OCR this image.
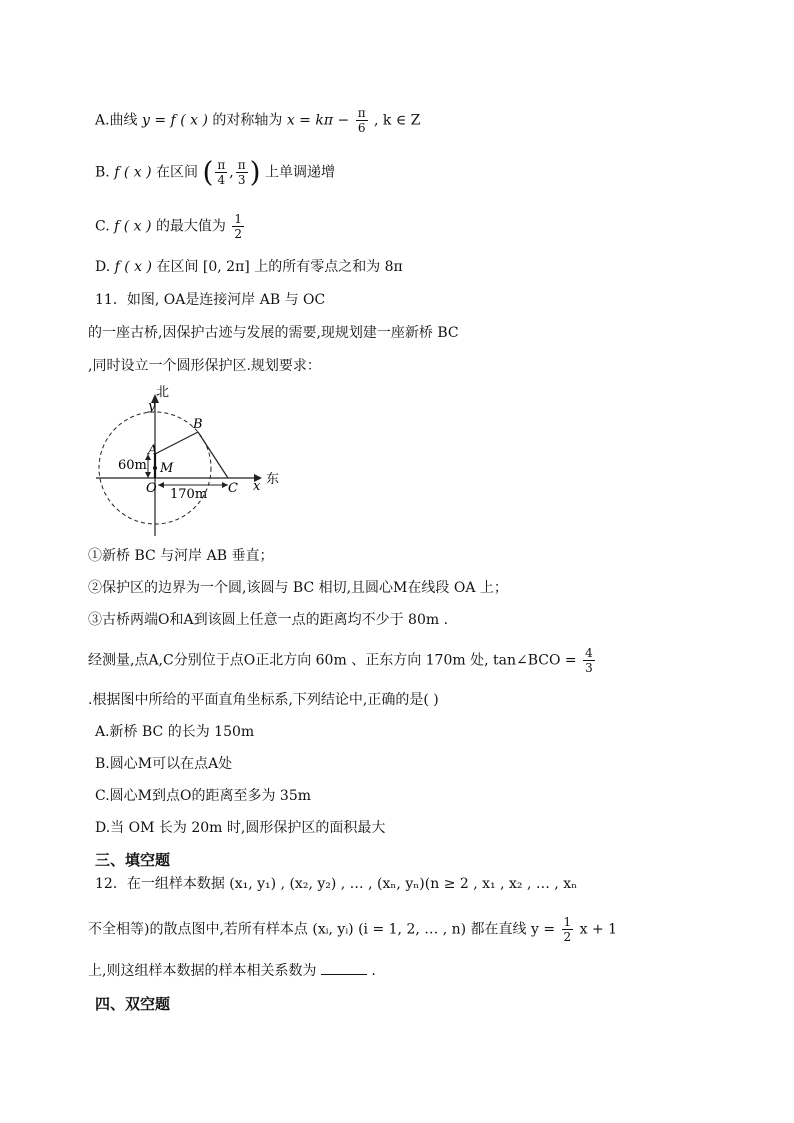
A.曲线 y = f ( x ) 的对称轴为 $x = k\pi - \frac{\pi}{6}$ , k ∈ Z
B. f ( x ) 在区间 ( $\frac{\pi}{4}$ , $\frac{\pi}{3}$ ) 上单调递增
C. f ( x ) 的最大值为 $\frac{1}{2}$
D. f ( x ) 在区间 [0, 2π] 上的所有零点之和为 8π
11．如图, OA是连接河岸 AB 与 OC
的一座古桥,因保护古迹与发展的需要,现规划建一座新桥 BC
,同时设立一个圆形保护区.规划要求：
北
y
东
x
A
B
C
O
M
60m
170m
①新桥 BC 与河岸 AB 垂直；
②保护区的边界为一个圆,该圆与 BC 相切,且圆心M在线段 OA 上；
③古桥两端O和A到该圆上任意一点的距离均不少于 80m .
经测量,点A,C分别位于点O正北方向 60m 、正东方向 170m 处, tan∠BCO = $\frac{4}{3}$
.根据图中所给的平面直角坐标系,下列结论中,正确的是( )
A.新桥 BC 的长为 150m
B.圆心M可以在点A处
C.圆心M到点O的距离至多为 35m
D.当 OM 长为 20m 时,圆形保护区的面积最大
三、填空题
12．在一组样本数据 (x₁, y₁) , (x₂, y₂) , … , (xₙ, yₙ)(n ≥ 2 , x₁ , x₂ , … , xₙ
不全相等)的散点图中,若所有样本点 (xᵢ, yᵢ) (i = 1, 2, … , n) 都在直线 $y = \frac{1}{2}$ x + 1
上,则这组样本数据的样本相关系数为	.
四、双空题
